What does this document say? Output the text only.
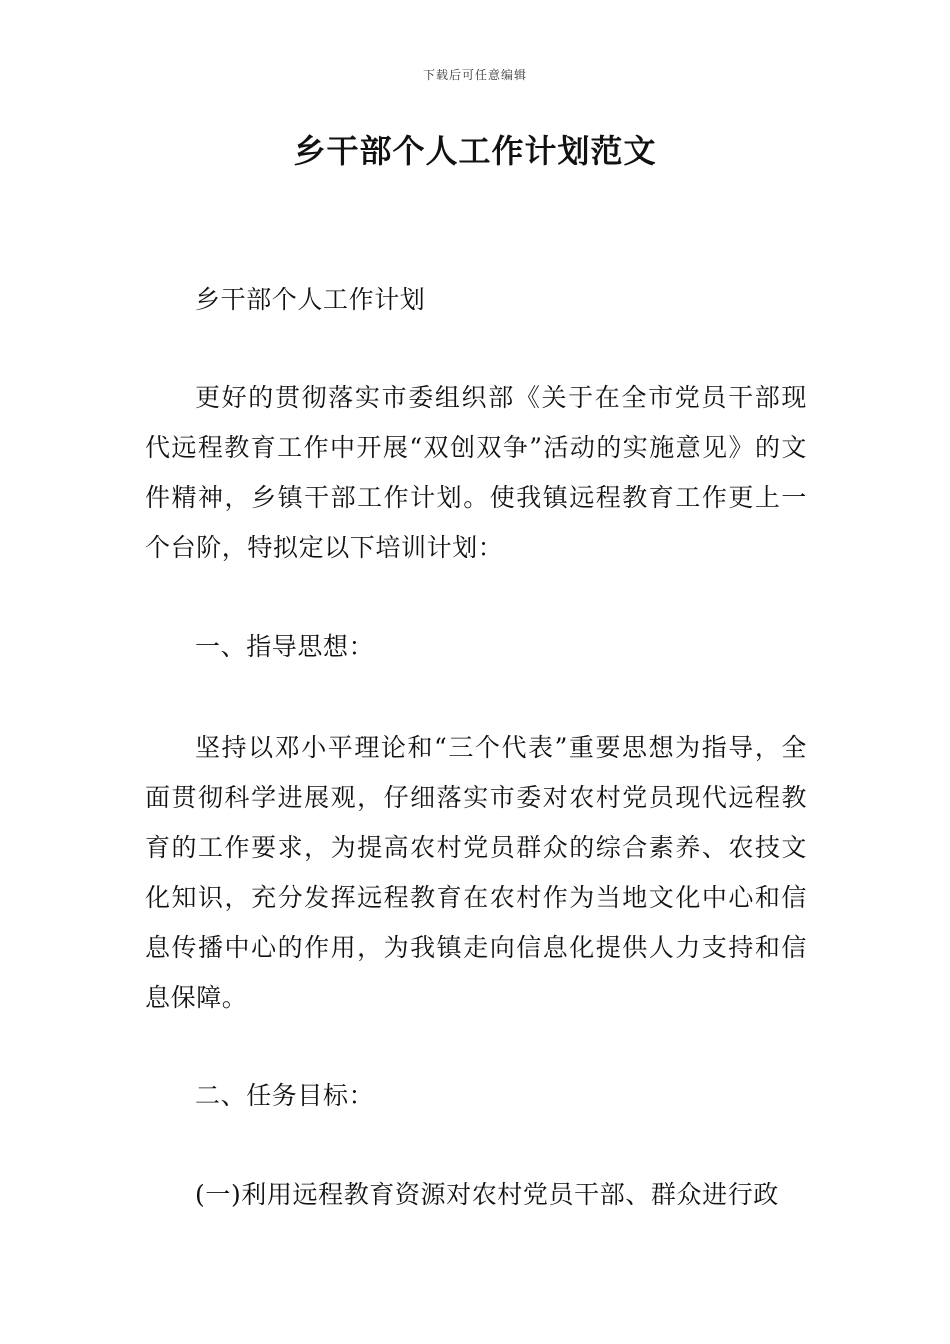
下载后可任意编辑
乡干部个人工作计划范文

乡干部个人工作计划

更好的贯彻落实市委组织部《关于在全市党员干部现代远程教育工作中开展“双创双争”活动的实施意见》的文件精神，乡镇干部工作计划。使我镇远程教育工作更上一个台阶，特拟定以下培训计划：

一、指导思想：

坚持以邓小平理论和“三个代表”重要思想为指导，全面贯彻科学进展观，仔细落实市委对农村党员现代远程教育的工作要求，为提高农村党员群众的综合素养、农技文化知识，充分发挥远程教育在农村作为当地文化中心和信息传播中心的作用，为我镇走向信息化提供人力支持和信息保障。

二、任务目标：

(一)利用远程教育资源对农村党员干部、群众进行政
